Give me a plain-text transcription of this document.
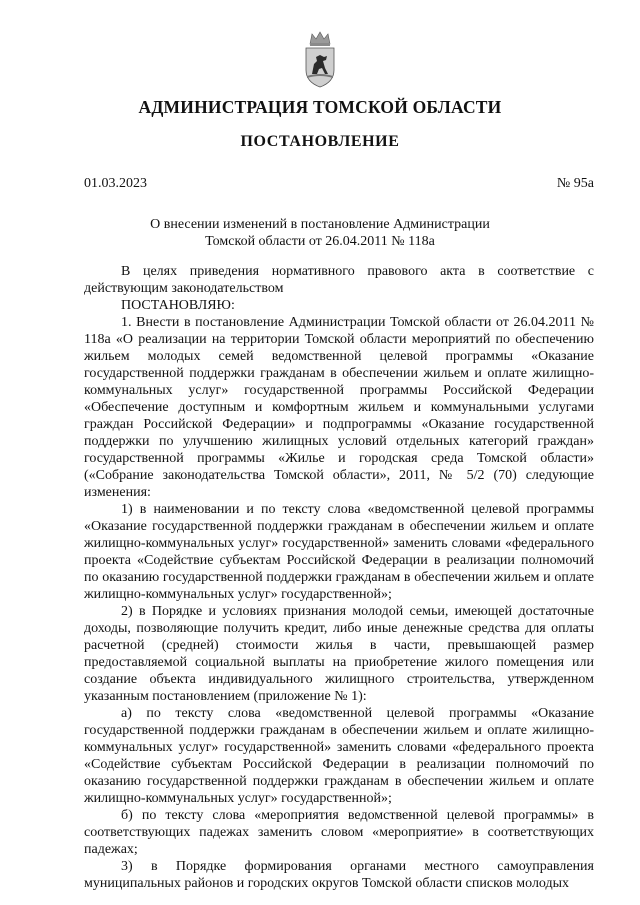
АДМИНИСТРАЦИЯ ТОМСКОЙ ОБЛАСТИ
ПОСТАНОВЛЕНИЕ
01.03.2023	№ 95а
О внесении изменений в постановление Администрации
Томской области от 26.04.2011 № 118а

В целях приведения нормативного правового акта в соответствие с действующим законодательством

ПОСТАНОВЛЯЮ:

1. Внести в постановление Администрации Томской области от 26.04.2011 № 118а «О реализации на территории Томской области мероприятий по обеспечению жильем молодых семей ведомственной целевой программы «Оказание государственной поддержки гражданам в обеспечении жильем и оплате жилищно-коммунальных услуг» государственной программы Российской Федерации «Обеспечение доступным и комфортным жильем и коммунальными услугами граждан Российской Федерации» и подпрограммы «Оказание государственной поддержки по улучшению жилищных условий отдельных категорий граждан» государственной программы «Жилье и городская среда Томской области» («Собрание законодательства Томской области», 2011, № 5/2 (70) следующие изменения:

1) в наименовании и по тексту слова «ведомственной целевой программы «Оказание государственной поддержки гражданам в обеспечении жильем и оплате жилищно-коммунальных услуг» государственной» заменить словами «федерального проекта «Содействие субъектам Российской Федерации в реализации полномочий по оказанию государственной поддержки гражданам в обеспечении жильем и оплате жилищно-коммунальных услуг» государственной»;

2) в Порядке и условиях признания молодой семьи, имеющей достаточные доходы, позволяющие получить кредит, либо иные денежные средства для оплаты расчетной (средней) стоимости жилья в части, превышающей размер предоставляемой социальной выплаты на приобретение жилого помещения или создание объекта индивидуального жилищного строительства, утвержденном указанным постановлением (приложение № 1):

а) по тексту слова «ведомственной целевой программы «Оказание государственной поддержки гражданам в обеспечении жильем и оплате жилищно-коммунальных услуг» государственной» заменить словами «федерального проекта «Содействие субъектам Российской Федерации в реализации полномочий по оказанию государственной поддержки гражданам в обеспечении жильем и оплате жилищно-коммунальных услуг» государственной»;

б) по тексту слова «мероприятия ведомственной целевой программы» в соответствующих падежах заменить словом «мероприятие» в соответствующих падежах;

3) в Порядке формирования органами местного самоуправления муниципальных районов и городских округов Томской области списков молодых
